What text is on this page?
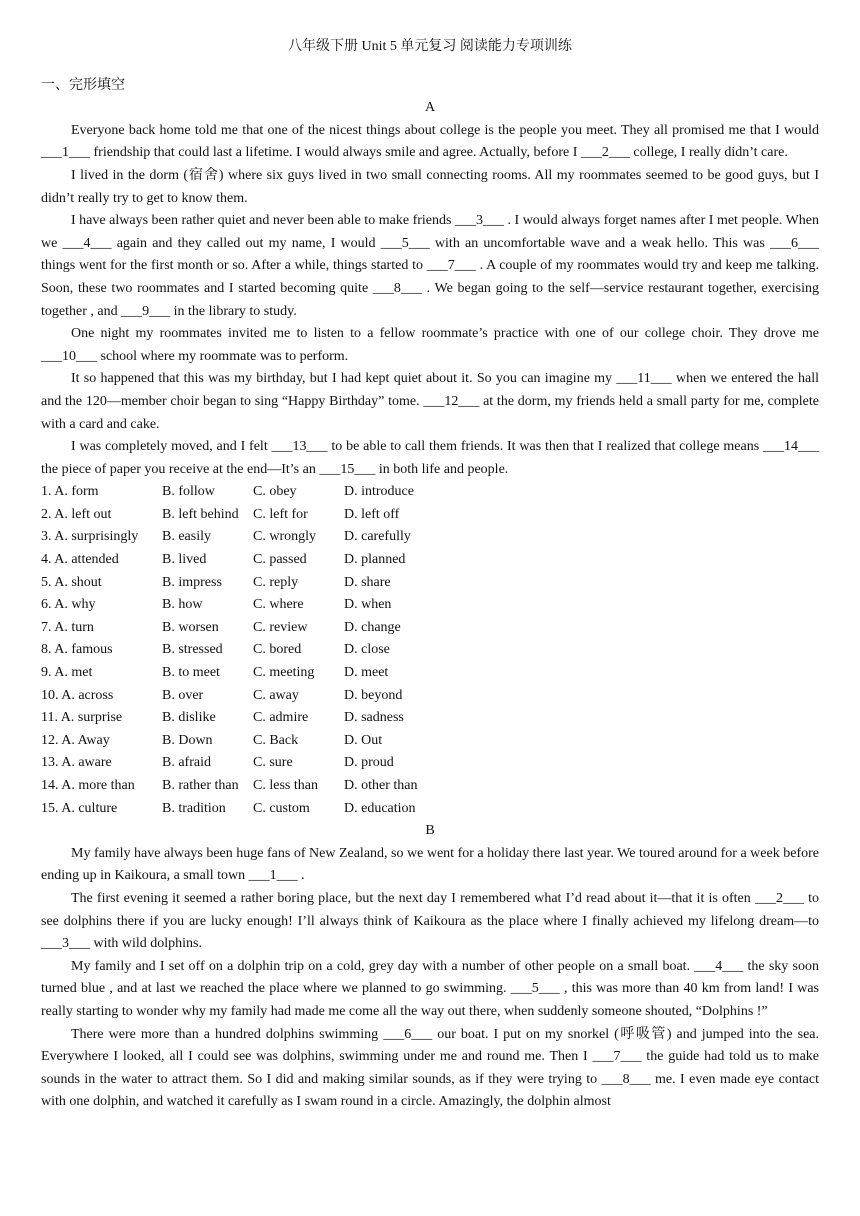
八年级下册 Unit 5 单元复习 阅读能力专项训练
一、完形填空
A

Everyone back home told me that one of the nicest things about college is the people you meet. They all promised me that I would ___1___ friendship that could last a lifetime. I would always smile and agree. Actually, before I ___2___ college, I really didn’t care.

I lived in the dorm (宿舍) where six guys lived in two small connecting rooms. All my roommates seemed to be good guys, but I didn’t really try to get to know them.

I have always been rather quiet and never been able to make friends ___3___ . I would always forget names after I met people. When we ___4___ again and they called out my name, I would ___5___ with an uncomfortable wave and a weak hello. This was ___6___ things went for the first month or so. After a while, things started to ___7___ . A couple of my roommates would try and keep me talking. Soon, these two roommates and I started becoming quite ___8___ . We began going to the self—service restaurant together, exercising together , and ___9___ in the library to study.

One night my roommates invited me to listen to a fellow roommate’s practice with one of our college choir. They drove me ___10___ school where my roommate was to perform.

It so happened that this was my birthday, but I had kept quiet about it. So you can imagine my ___11___ when we entered the hall and the 120—member choir began to sing “Happy Birthday” tome. ___12___ at the dorm, my friends held a small party for me, complete with a card and cake.

I was completely moved, and I felt ___13___ to be able to call them friends. It was then that I realized that college means ___14___ the piece of paper you receive at the end—It’s an ___15___ in both life and people.

1. A. form	B. follow	C. obey	D. introduce
2. A. left out	B. left behind	C. left for	D. left off
3. A. surprisingly	B. easily	C. wrongly	D. carefully
4. A. attended	B. lived	C. passed	D. planned
5. A. shout	B. impress	C. reply	D. share
6. A. why	B. how	C. where	D. when
7. A. turn	B. worsen	C. review	D. change
8. A. famous	B. stressed	C. bored	D. close
9. A. met	B. to meet	C. meeting	D. meet
10. A. across	B. over	C. away	D. beyond
11. A. surprise	B. dislike	C. admire	D. sadness
12. A. Away	B. Down	C. Back	D. Out
13. A. aware	B. afraid	C. sure	D. proud
14. A. more than	B. rather than	C. less than	D. other than
15. A. culture	B. tradition	C. custom	D. education
B

My family have always been huge fans of New Zealand, so we went for a holiday there last year. We toured around for a week before ending up in Kaikoura, a small town ___1___ .

The first evening it seemed a rather boring place, but the next day I remembered what I’d read about it—that it is often ___2___ to see dolphins there if you are lucky enough! I’ll always think of Kaikoura as the place where I finally achieved my lifelong dream—to ___3___ with wild dolphins.

My family and I set off on a dolphin trip on a cold, grey day with a number of other people on a small boat. ___4___ the sky soon turned blue , and at last we reached the place where we planned to go swimming. ___5___ , this was more than 40 km from land! I was really starting to wonder why my family had made me come all the way out there, when suddenly someone shouted, “Dolphins !”

There were more than a hundred dolphins swimming ___6___ our boat. I put on my snorkel (呼吸管) and jumped into the sea. Everywhere I looked, all I could see was dolphins, swimming under me and round me. Then I ___7___ the guide had told us to make sounds in the water to attract them. So I did and making similar sounds, as if they were trying to ___8___ me. I even made eye contact with one dolphin, and watched it carefully as I swam round in a circle. Amazingly, the dolphin almost
